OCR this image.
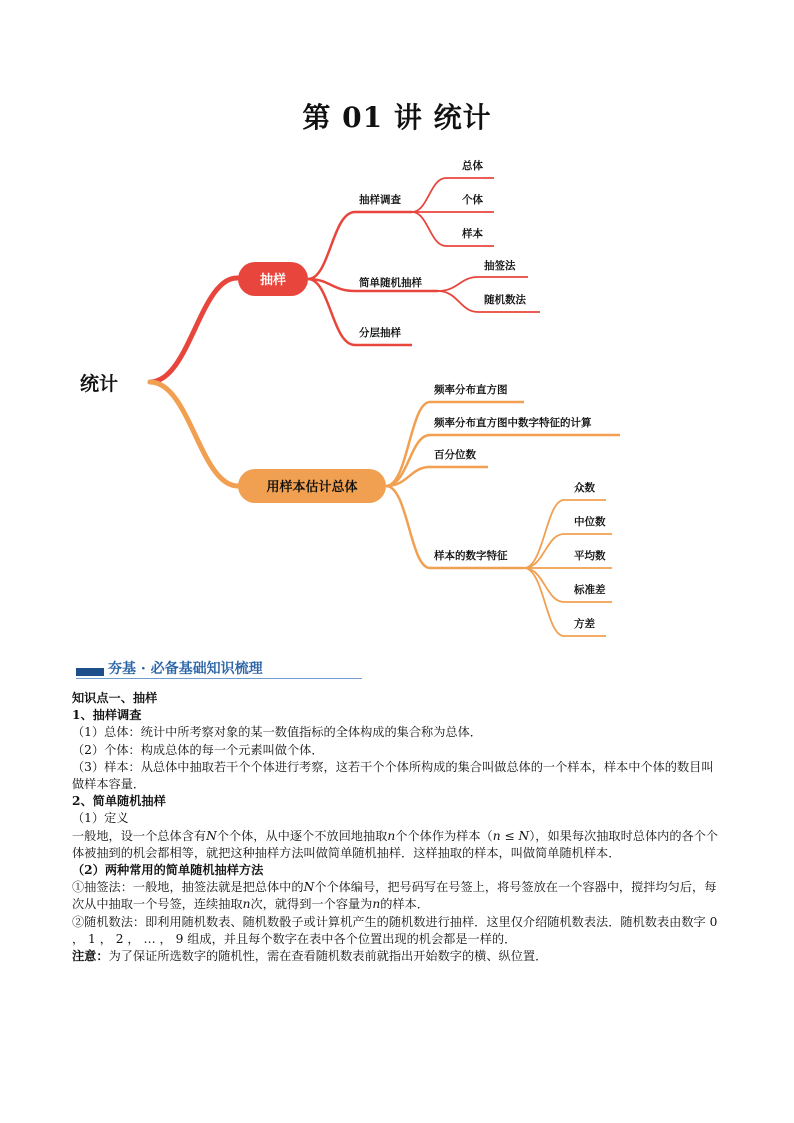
第 01 讲 统计
统计
抽样
抽样调查
简单随机抽样
分层抽样
总体
个体
样本
抽签法
随机数法
用样本估计总体
频率分布直方图
频率分布直方图中数字特征的计算
百分位数
样本的数字特征
众数
中位数
平均数
标准差
方差
夯基 · 必备基础知识梳理

知识点一、抽样

1、抽样调查

（1）总体：统计中所考察对象的某一数值指标的全体构成的集合称为总体．

（2）个体：构成总体的每一个元素叫做个体．

（3）样本：从总体中抽取若干个个体进行考察，这若干个个体所构成的集合叫做总体的一个样本，样本中个体的数目叫做样本容量．

2、简单随机抽样

（1）定义

一般地，设一个总体含有N个个体，从中逐个不放回地抽取n个个体作为样本（n ≤ N），如果每次抽取时总体内的各个个体被抽到的机会都相等，就把这种抽样方法叫做简单随机抽样．这样抽取的样本，叫做简单随机样本．

（2）两种常用的简单随机抽样方法

①抽签法：一般地，抽签法就是把总体中的N个个体编号，把号码写在号签上，将号签放在一个容器中，搅拌均匀后，每次从中抽取一个号签，连续抽取n次，就得到一个容量为n的样本．

②随机数法：即利用随机数表、随机数骰子或计算机产生的随机数进行抽样．这里仅介绍随机数表法．随机数表由数字 0 ， 1 ， 2 ， … ， 9 组成，并且每个数字在表中各个位置出现的机会都是一样的．

注意：为了保证所选数字的随机性，需在查看随机数表前就指出开始数字的横、纵位置．
